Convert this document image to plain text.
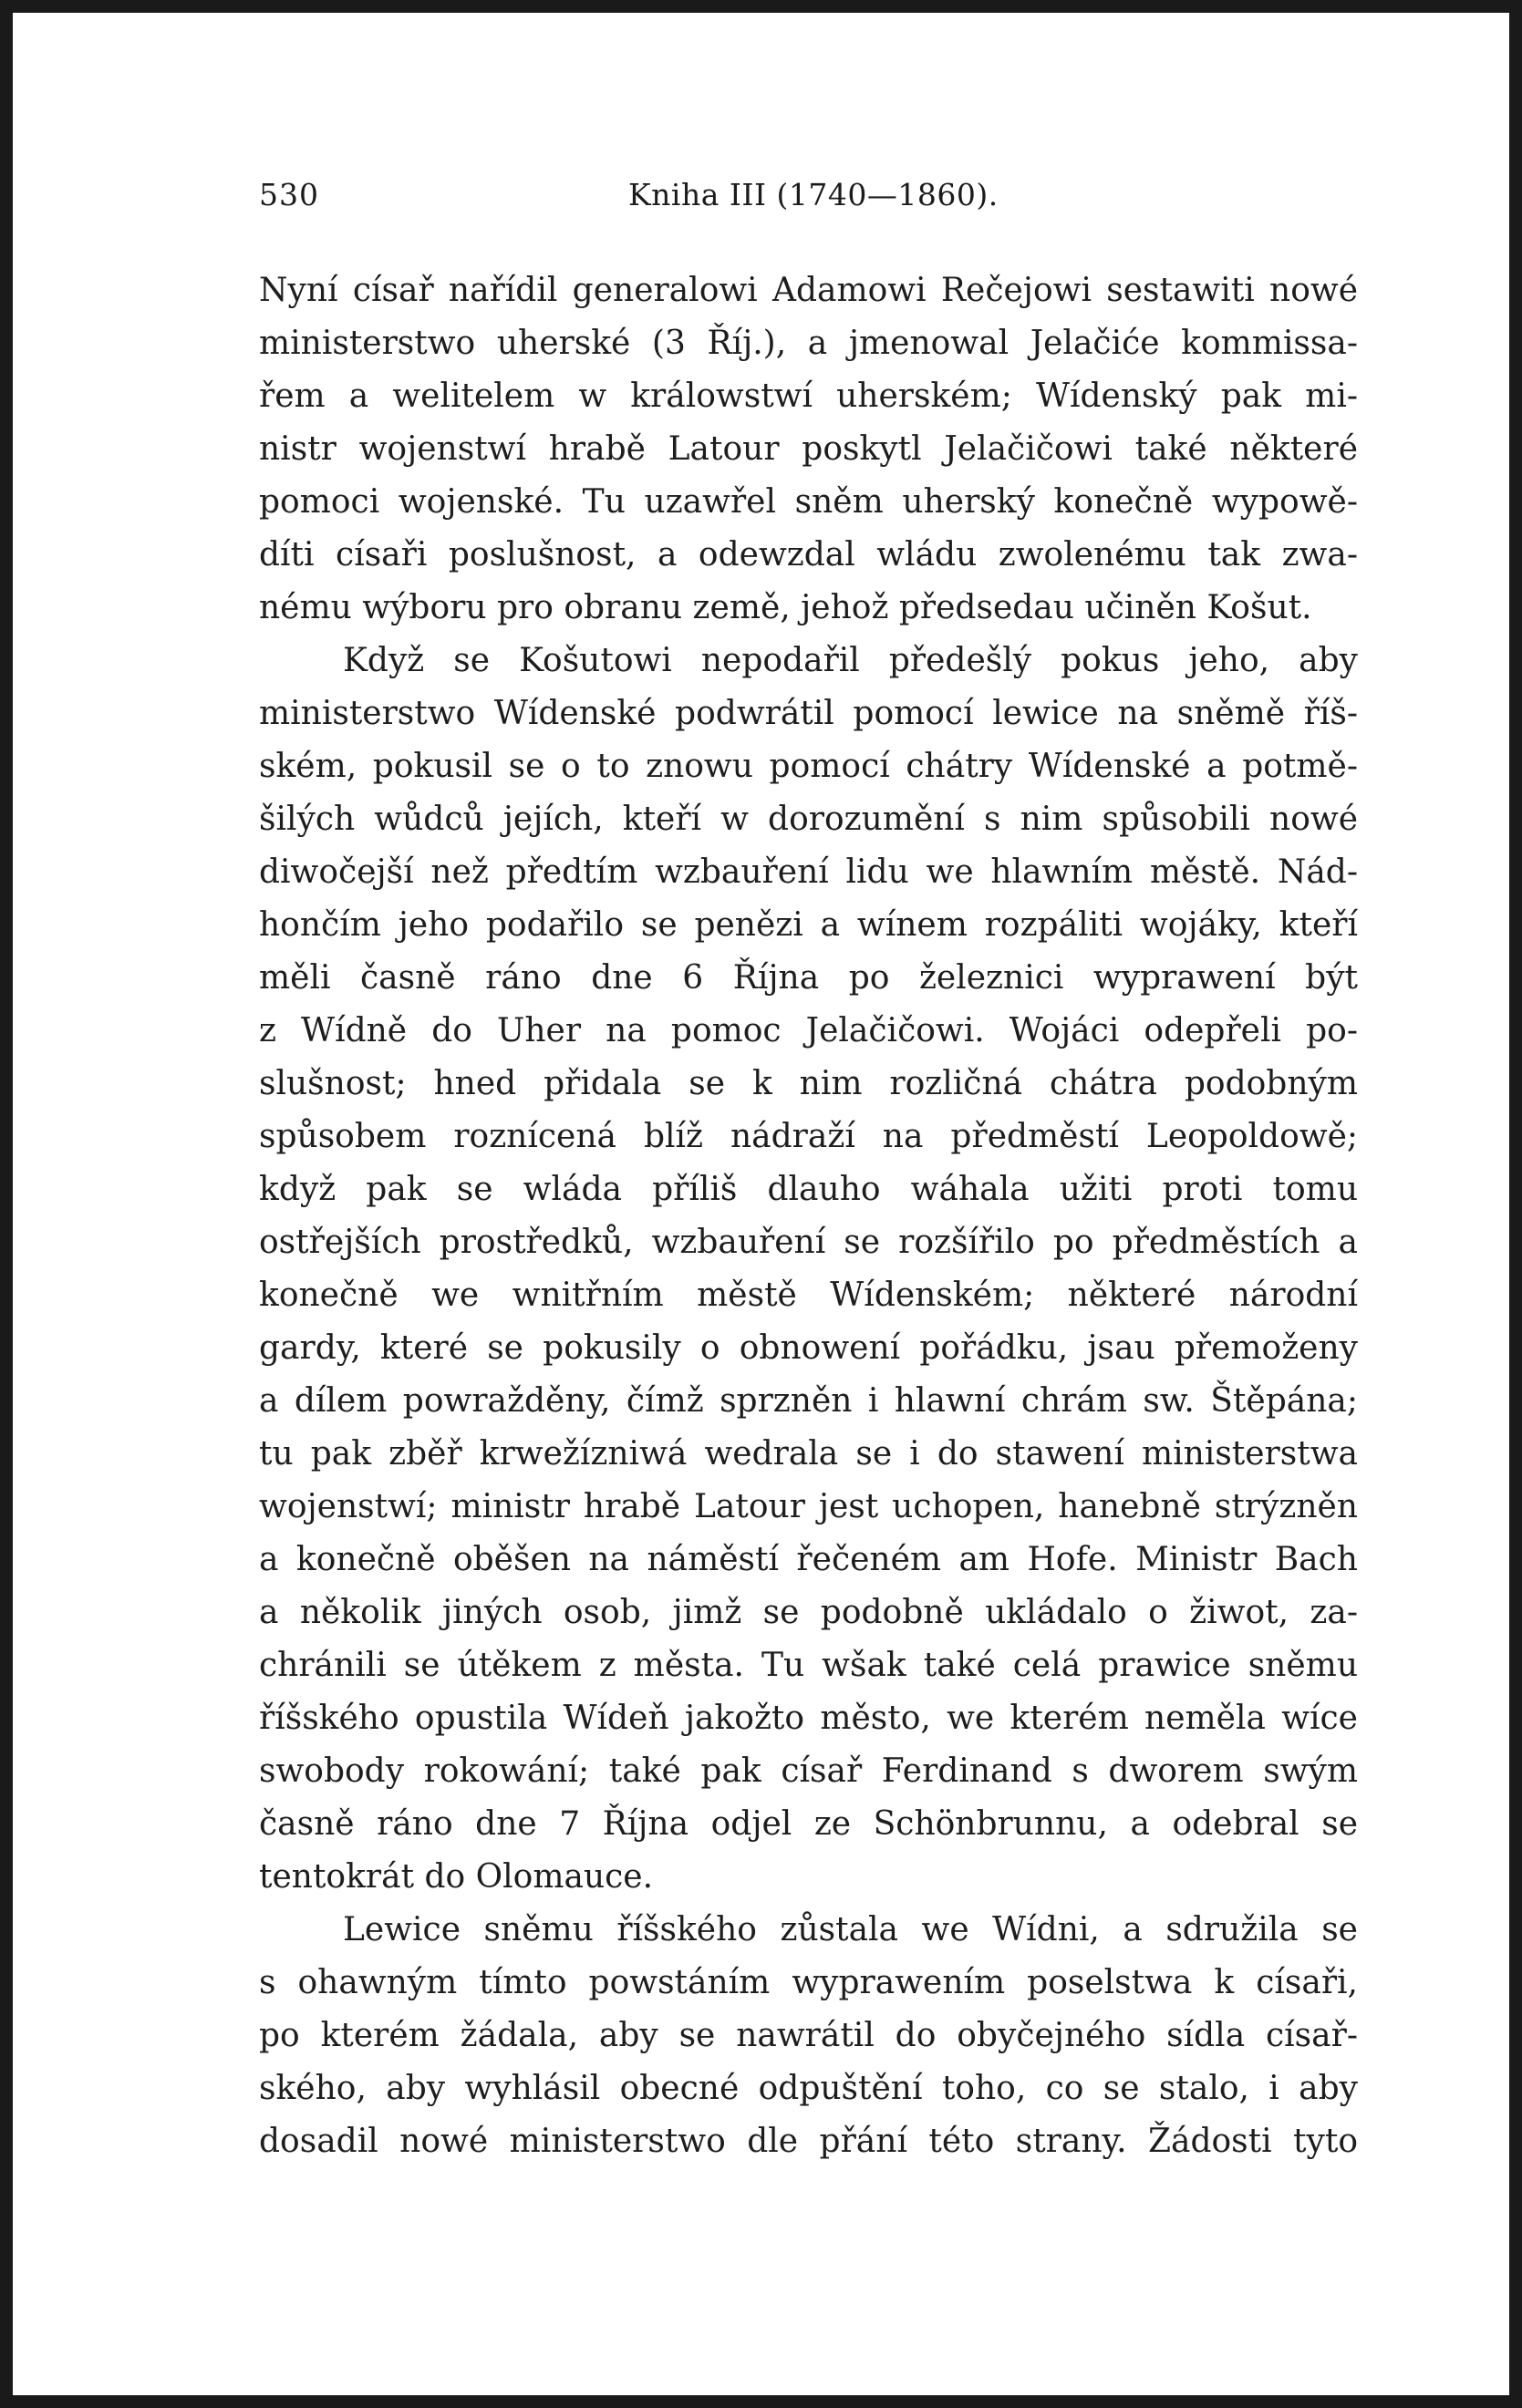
530	Kniha III (1740—1860).
Nyní císař nařídil generalowi Adamowi Rečejowi sestawiti nowé
ministerstwo uherské (3 Říj.), a jmenowal Jelačiće kommissa-
řem a welitelem w králowstwí uherském; Wídenský pak mi-
nistr wojenstwí hrabě Latour poskytl Jelačičowi také některé
pomoci wojenské. Tu uzawřel sněm uherský konečně wypowě-
díti císaři poslušnost, a odewzdal wládu zwolenému tak zwa-
nému wýboru pro obranu země, jehož předsedau učiněn Košut.
Když se Košutowi nepodařil předešlý pokus jeho, aby
ministerstwo Wídenské podwrátil pomocí lewice na sněmě říš-
ském, pokusil se o to znowu pomocí chátry Wídenské a potmě-
šilých wůdců jejích, kteří w dorozumění s nim spůsobili nowé
diwočejší než předtím wzbauření lidu we hlawním městě. Nád-
hončím jeho podařilo se penězi a wínem rozpáliti wojáky, kteří
měli časně ráno dne 6 Října po železnici wyprawení být
z Wídně do Uher na pomoc Jelačičowi. Wojáci odepřeli po-
slušnost; hned přidala se k nim rozličná chátra podobným
spůsobem roznícená blíž nádraží na předměstí Leopoldowě;
když pak se wláda příliš dlauho wáhala užiti proti tomu
ostřejších prostředků, wzbauření se rozšířilo po předměstích a
konečně we wnitřním městě Wídenském; některé národní
gardy, které se pokusily o obnowení pořádku, jsau přemoženy
a dílem powražděny, čímž sprzněn i hlawní chrám sw. Štěpána;
tu pak zběř krwežízniwá wedrala se i do stawení ministerstwa
wojenstwí; ministr hrabě Latour jest uchopen, hanebně strýzněn
a konečně oběšen na náměstí řečeném am Hofe. Ministr Bach
a několik jiných osob, jimž se podobně ukládalo o žiwot, za-
chránili se útěkem z města. Tu wšak také celá prawice sněmu
říšského opustila Wídeň jakožto město, we kterém neměla wíce
swobody rokowání; také pak císař Ferdinand s dworem swým
časně ráno dne 7 Října odjel ze Schönbrunnu, a odebral se
tentokrát do Olomauce.
Lewice sněmu říšského zůstala we Wídni, a sdružila se
s ohawným tímto powstáním wyprawením poselstwa k císaři,
po kterém žádala, aby se nawrátil do obyčejného sídla císař-
ského, aby wyhlásil obecné odpuštění toho, co se stalo, i aby
dosadil nowé ministerstwo dle přání této strany. Žádosti tyto
